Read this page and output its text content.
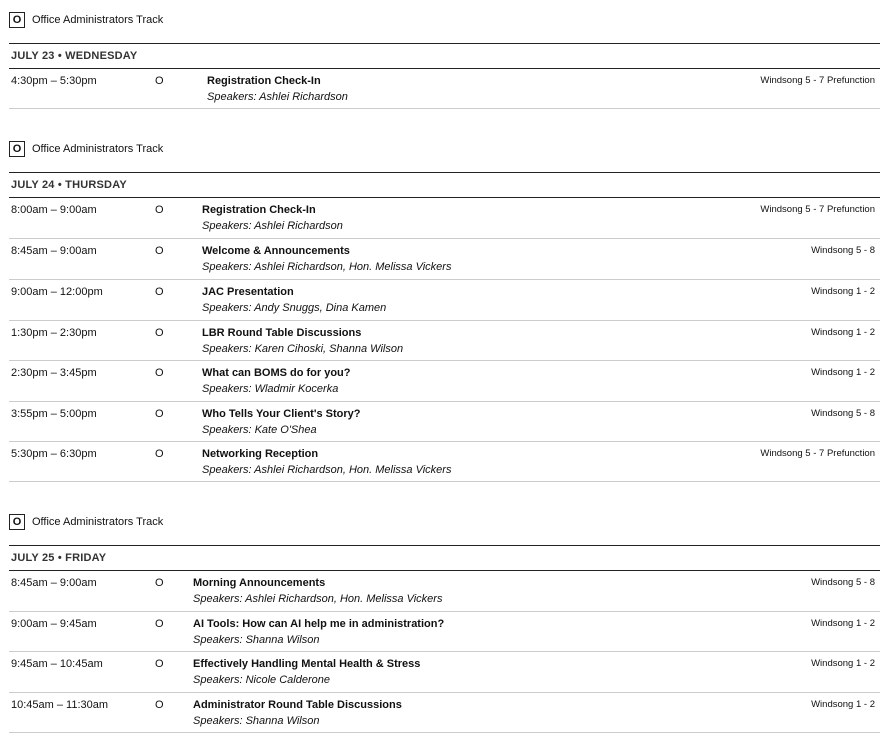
O Office Administrators Track
JULY 23 • WEDNESDAY
4:30pm – 5:30pm	O	Registration Check-In
Speakers: Ashlei Richardson
Windsong 5 - 7 Prefunction
O Office Administrators Track
JULY 24 • THURSDAY
8:00am – 9:00am	O	Registration Check-In
Speakers: Ashlei Richardson
Windsong 5 - 7 Prefunction
8:45am – 9:00am	O	Welcome & Announcements
Speakers: Ashlei Richardson, Hon. Melissa Vickers
Windsong 5 - 8
9:00am – 12:00pm	O	JAC Presentation
Speakers: Andy Snuggs, Dina Kamen
Windsong 1 - 2
1:30pm – 2:30pm	O	LBR Round Table Discussions
Speakers: Karen Cihoski, Shanna Wilson
Windsong 1 - 2
2:30pm – 3:45pm	O	What can BOMS do for you?
Speakers: Wladmir Kocerka
Windsong 1 - 2
3:55pm – 5:00pm	O	Who Tells Your Client's Story?
Speakers: Kate O'Shea
Windsong 5 - 8
5:30pm – 6:30pm	O	Networking Reception
Speakers: Ashlei Richardson, Hon. Melissa Vickers
Windsong 5 - 7 Prefunction
O Office Administrators Track
JULY 25 • FRIDAY
8:45am – 9:00am	O	Morning Announcements
Speakers: Ashlei Richardson, Hon. Melissa Vickers
Windsong 5 - 8
9:00am – 9:45am	O	AI Tools: How can AI help me in administration?
Speakers: Shanna Wilson
Windsong 1 - 2
9:45am – 10:45am	O	Effectively Handling Mental Health & Stress
Speakers: Nicole Calderone
Windsong 1 - 2
10:45am – 11:30am	O	Administrator Round Table Discussions
Speakers: Shanna Wilson
Windsong 1 - 2
